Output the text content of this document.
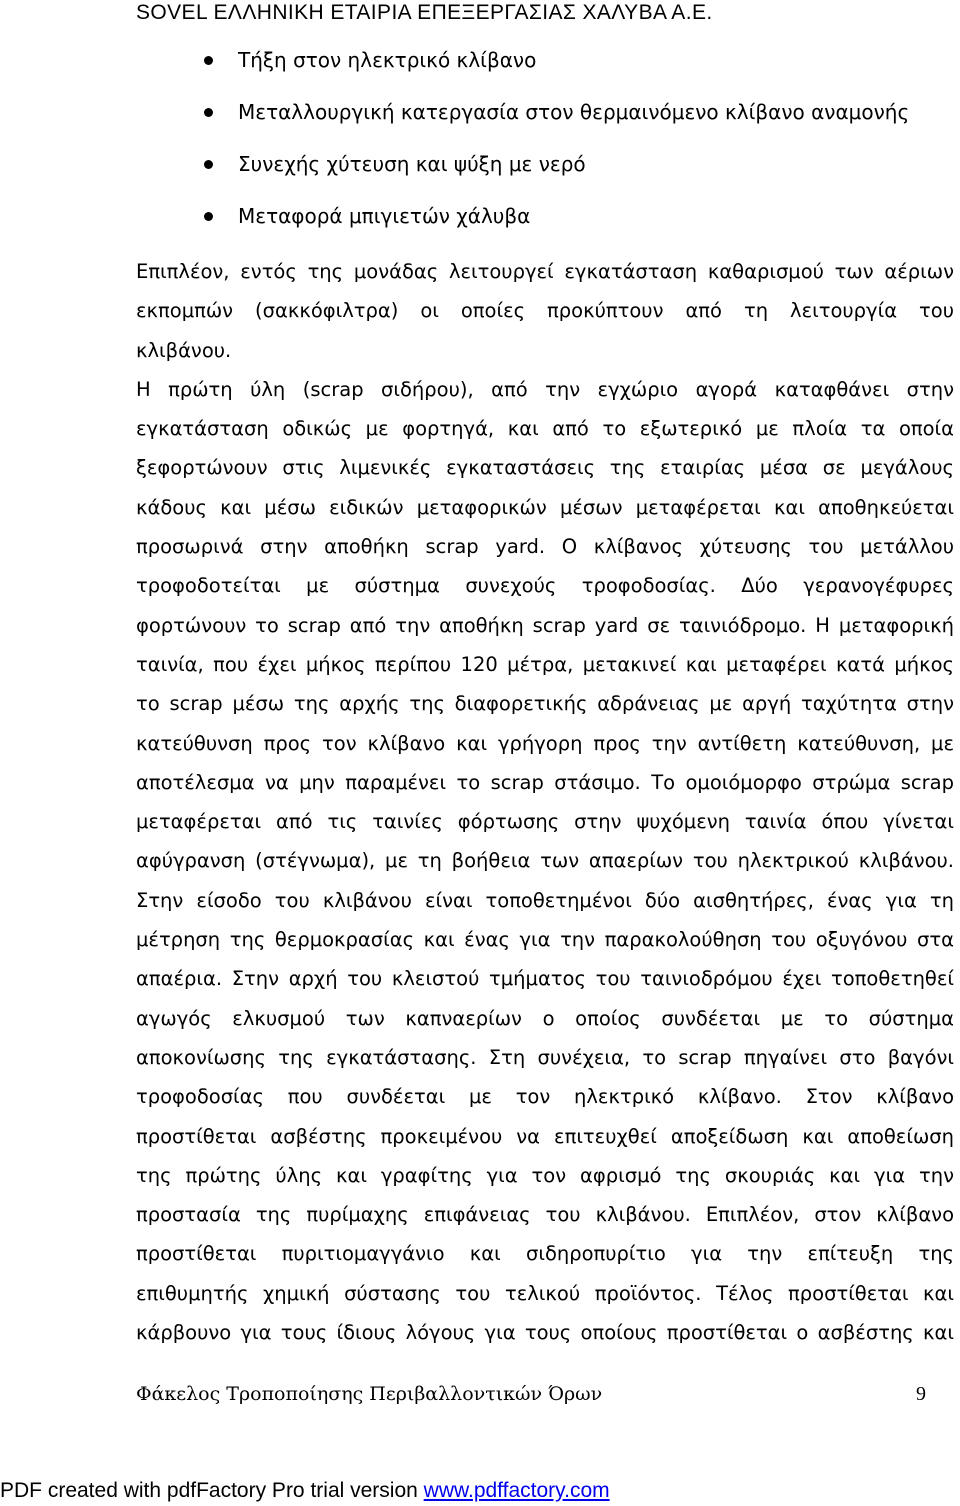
SOVEL ΕΛΛΗΝΙΚΗ ΕΤΑΙΡΙΑ ΕΠΕΞΕΡΓΑΣΙΑΣ ΧΑΛΥΒΑ Α.Ε.
Τήξη στον ηλεκτρικό κλίβανο
Μεταλλουργική κατεργασία στον θερμαινόμενο κλίβανο αναμονής
Συνεχής χύτευση και ψύξη με νερό
Μεταφορά μπιγιετών χάλυβα
Επιπλέον, εντός της μονάδας λειτουργεί εγκατάσταση καθαρισμού των αέριων
εκπομπών (σακκόφιλτρα) οι οποίες προκύπτουν από τη λειτουργία του
κλιβάνου.
Η πρώτη ύλη (scrap σιδήρου), από την εγχώριο αγορά καταφθάνει στην
εγκατάσταση οδικώς με φορτηγά, και από το εξωτερικό με πλοία τα οποία
ξεφορτώνουν στις λιμενικές εγκαταστάσεις της εταιρίας μέσα σε μεγάλους
κάδους και μέσω ειδικών μεταφορικών μέσων μεταφέρεται και αποθηκεύεται
προσωρινά στην αποθήκη scrap yard. Ο κλίβανος χύτευσης του μετάλλου
τροφοδοτείται με σύστημα συνεχούς τροφοδοσίας. Δύο γερανογέφυρες
φορτώνουν το scrap από την αποθήκη scrap yard σε ταινιόδρομο. Η μεταφορική
ταινία, που έχει μήκος περίπου 120 μέτρα, μετακινεί και μεταφέρει κατά μήκος
το scrap μέσω της αρχής της διαφορετικής αδράνειας με αργή ταχύτητα στην
κατεύθυνση προς τον κλίβανο και γρήγορη προς την αντίθετη κατεύθυνση, με
αποτέλεσμα να μην παραμένει το scrap στάσιμο. Το ομοιόμορφο στρώμα scrap
μεταφέρεται από τις ταινίες φόρτωσης στην ψυχόμενη ταινία όπου γίνεται
αφύγρανση (στέγνωμα), με τη βοήθεια των απαερίων του ηλεκτρικού κλιβάνου.
Στην είσοδο του κλιβάνου είναι τοποθετημένοι δύο αισθητήρες, ένας για τη
μέτρηση της θερμοκρασίας και ένας για την παρακολούθηση του οξυγόνου στα
απαέρια. Στην αρχή του κλειστού τμήματος του ταινιοδρόμου έχει τοποθετηθεί
αγωγός ελκυσμού των καπναερίων ο οποίος συνδέεται με το σύστημα
αποκονίωσης της εγκατάστασης. Στη συνέχεια, το scrap πηγαίνει στο βαγόνι
τροφοδοσίας που συνδέεται με τον ηλεκτρικό κλίβανο. Στον κλίβανο
προστίθεται ασβέστης προκειμένου να επιτευχθεί αποξείδωση και αποθείωση
της πρώτης ύλης και γραφίτης για τον αφρισμό της σκουριάς και για την
προστασία της πυρίμαχης επιφάνειας του κλιβάνου. Επιπλέον, στον κλίβανο
προστίθεται πυριτιομαγγάνιο και σιδηροπυρίτιο για την επίτευξη της
επιθυμητής χημική σύστασης του τελικού προϊόντος. Τέλος προστίθεται και
κάρβουνο για τους ίδιους λόγους για τους οποίους προστίθεται ο ασβέστης και
Φάκελος Τροποποίησης Περιβαλλοντικών Όρων	9
PDF created with pdfFactory Pro trial version www.pdffactory.com
